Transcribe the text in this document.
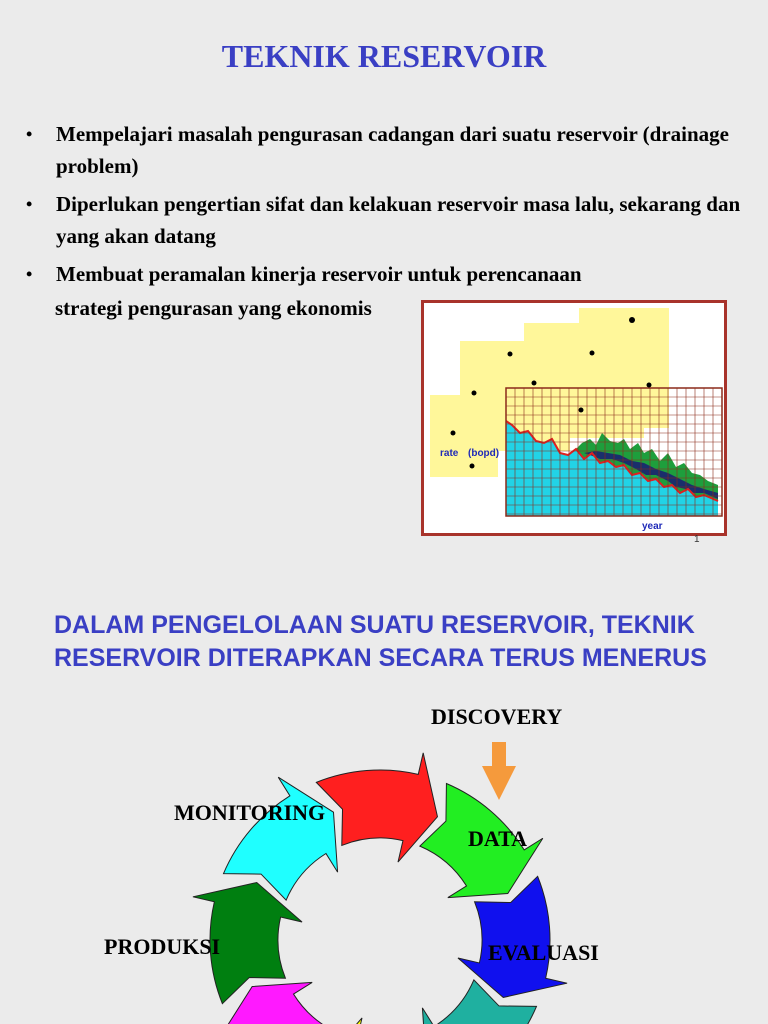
TEKNIK RESERVOIR
• Mempelajari masalah pengurasan cadangan dari suatu reservoir (drainage problem)
• Diperlukan pengertian sifat dan kelakuan reservoir masa lalu, sekarang dan yang akan datang
• Membuat peramalan kinerja reservoir untuk perencanaan
strategi pengurasan yang ekonomis
rate (bopd)
year
1
DALAM PENGELOLAAN SUATU RESERVOIR, TEKNIK RESERVOIR DITERAPKAN SECARA TERUS MENERUS
DISCOVERY
DATA
EVALUASI
PRODUKSI
MONITORING
